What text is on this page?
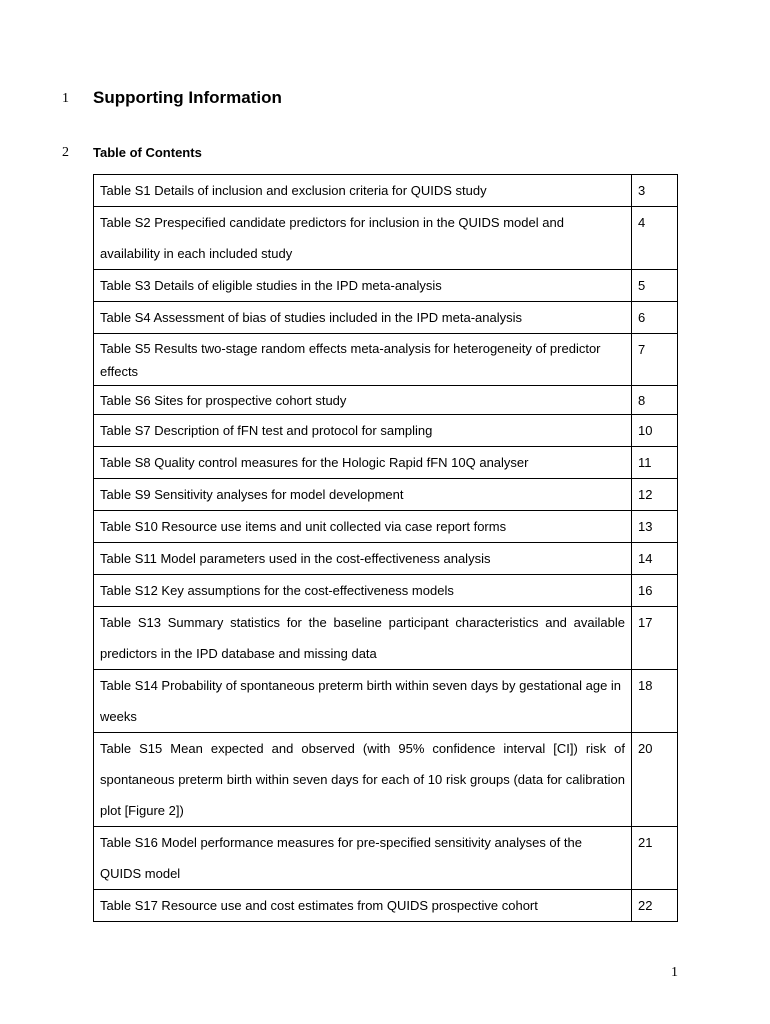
1 Supporting Information
2 Table of Contents
Table S1 Details of inclusion and exclusion criteria for QUIDS study	3
Table S2 Prespecified candidate predictors for inclusion in the QUIDS model and availability in each included study	4
Table S3 Details of eligible studies in the IPD meta-analysis	5
Table S4 Assessment of bias of studies included in the IPD meta-analysis	6
Table S5 Results two-stage random effects meta-analysis for heterogeneity of predictor effects	7
Table S6 Sites for prospective cohort study	8
Table S7 Description of fFN test and protocol for sampling	10
Table S8 Quality control measures for the Hologic Rapid fFN 10Q analyser	11
Table S9 Sensitivity analyses for model development	12
Table S10 Resource use items and unit collected via case report forms	13
Table S11 Model parameters used in the cost-effectiveness analysis	14
Table S12 Key assumptions for the cost-effectiveness models	16
Table S13 Summary statistics for the baseline participant characteristics and available predictors in the IPD database and missing data	17
Table S14 Probability of spontaneous preterm birth within seven days by gestational age in weeks	18
Table S15 Mean expected and observed (with 95% confidence interval [CI]) risk of spontaneous preterm birth within seven days for each of 10 risk groups (data for calibration plot [Figure 2])	20
Table S16 Model performance measures for pre-specified sensitivity analyses of the QUIDS model	21
Table S17 Resource use and cost estimates from QUIDS prospective cohort	22
1
